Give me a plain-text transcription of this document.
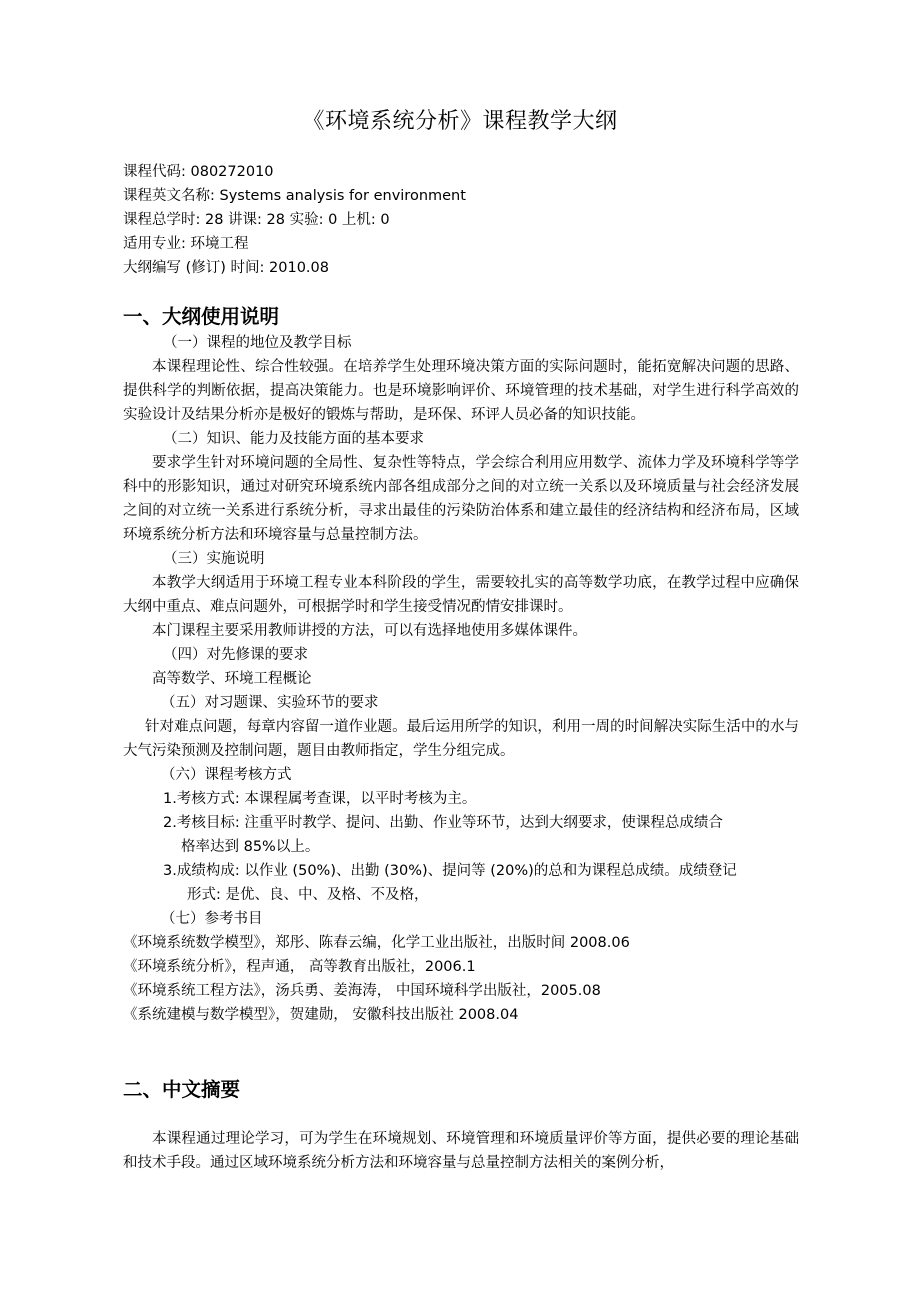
《环境系统分析》课程教学大纲
课程代码: 080272010
课程英文名称: Systems analysis for environment
课程总学时: 28 讲课: 28 实验: 0 上机: 0
适用专业: 环境工程
大纲编写 (修订) 时间: 2010.08
一、大纲使用说明
（一）课程的地位及教学目标
本课程理论性、综合性较强。在培养学生处理环境决策方面的实际问题时，能拓宽解决问题的思路、提供科学的判断依据，提高决策能力。也是环境影响评价、环境管理的技术基础，对学生进行科学高效的实验设计及结果分析亦是极好的锻炼与帮助，是环保、环评人员必备的知识技能。
（二）知识、能力及技能方面的基本要求
要求学生针对环境问题的全局性、复杂性等特点，学会综合利用应用数学、流体力学及环境科学等学科中的形影知识，通过对研究环境系统内部各组成部分之间的对立统一关系以及环境质量与社会经济发展之间的对立统一关系进行系统分析，寻求出最佳的污染防治体系和建立最佳的经济结构和经济布局，区域环境系统分析方法和环境容量与总量控制方法。
（三）实施说明
本教学大纲适用于环境工程专业本科阶段的学生，需要较扎实的高等数学功底，在教学过程中应确保大纲中重点、难点问题外，可根据学时和学生接受情况酌情安排课时。
本门课程主要采用教师讲授的方法，可以有选择地使用多媒体课件。
（四）对先修课的要求
高等数学、环境工程概论
（五）对习题课、实验环节的要求
针对难点问题，每章内容留一道作业题。最后运用所学的知识，利用一周的时间解决实际生活中的水与大气污染预测及控制问题，题目由教师指定，学生分组完成。
（六）课程考核方式
1.考核方式: 本课程属考查课，以平时考核为主。
2.考核目标: 注重平时教学、提问、出勤、作业等环节，达到大纲要求，使课程总成绩合
格率达到 85%以上。
3.成绩构成: 以作业 (50%)、出勤 (30%)、提问等 (20%)的总和为课程总成绩。成绩登记
形式: 是优、良、中、及格、不及格，
（七）参考书目
《环境系统数学模型》，郑彤、陈春云编，化学工业出版社，出版时间 2008.06
《环境系统分析》，程声通， 高等教育出版社，2006.1
《环境系统工程方法》，汤兵勇、姜海涛， 中国环境科学出版社，2005.08
《系统建模与数学模型》，贺建勋， 安徽科技出版社 2008.04
二、中文摘要
本课程通过理论学习，可为学生在环境规划、环境管理和环境质量评价等方面，提供必要的理论基础和技术手段。通过区域环境系统分析方法和环境容量与总量控制方法相关的案例分析，
